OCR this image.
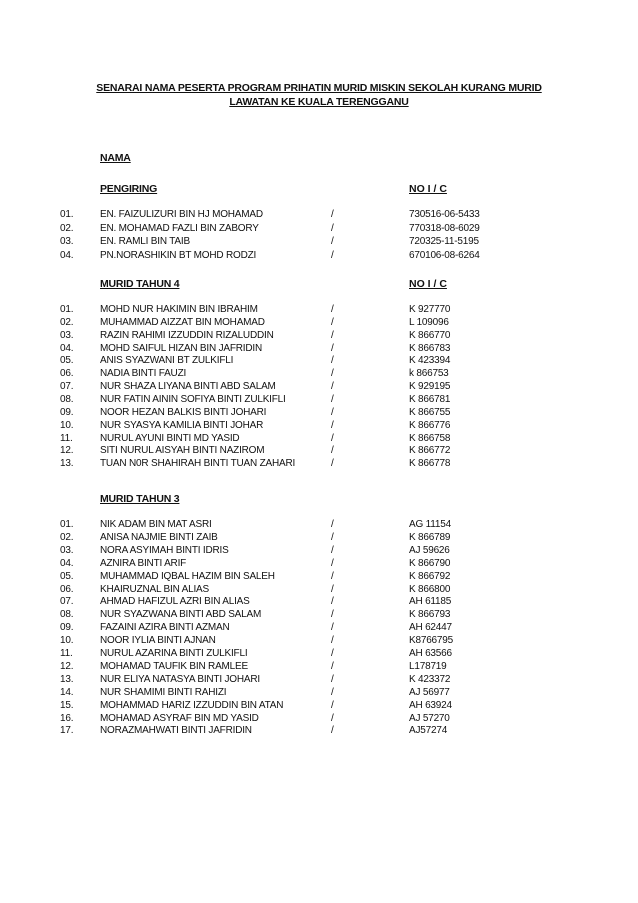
SENARAI NAMA PESERTA PROGRAM PRIHATIN MURID MISKIN SEKOLAH KURANG MURID
LAWATAN KE KUALA TERENGGANU
NAMA
PENGIRING	NO I / C
01.	EN. FAIZULIZURI BIN HJ MOHAMAD	/	730516-06-5433
02.	EN. MOHAMAD FAZLI BIN ZABORY	/	770318-08-6029
03.	EN. RAMLI BIN TAIB	/	720325-11-5195
04.	PN.NORASHIKIN BT MOHD RODZI	/	670106-08-6264
MURID TAHUN 4	NO I / C
01.	MOHD NUR HAKIMIN BIN IBRAHIM	/	K 927770
02.	MUHAMMAD AIZZAT BIN MOHAMAD	/	L 109096
03.	RAZIN RAHIMI IZZUDDIN RIZALUDDIN	/	K 866770
04.	MOHD SAIFUL HIZAN BIN JAFRIDIN	/	K 866783
05.	ANIS SYAZWANI BT ZULKIFLI	/	K 423394
06.	NADIA BINTI FAUZI	/	k 866753
07.	NUR SHAZA LIYANA BINTI ABD SALAM	/	K 929195
08.	NUR FATIN AININ SOFIYA BINTI ZULKIFLI	/	K 866781
09.	NOOR HEZAN BALKIS BINTI JOHARI	/	K 866755
10.	NUR SYASYA KAMILIA BINTI JOHAR	/	K 866776
11.	NURUL AYUNI BINTI MD YASID	/	K 866758
12.	SITI NURUL AISYAH BINTI NAZIROM	/	K 866772
13.	TUAN N0R SHAHIRAH BINTI TUAN ZAHARI	/	K 866778
MURID TAHUN 3
01.	NIK ADAM BIN MAT ASRI	/	AG 11154
02.	ANISA NAJMIE BINTI ZAIB	/	K 866789
03.	NORA ASYIMAH BINTI IDRIS	/	AJ 59626
04.	AZNIRA BINTI ARIF	/	K 866790
05.	MUHAMMAD IQBAL HAZIM BIN SALEH	/	K 866792
06.	KHAIRUZNAL BIN ALIAS	/	K 866800
07.	AHMAD HAFIZUL AZRI BIN ALIAS	/	AH 61185
08.	NUR SYAZWANA BINTI ABD SALAM	/	K 866793
09.	FAZAINI AZIRA BINTI AZMAN	/	AH 62447
10.	NOOR IYLIA BINTI AJNAN	/	K8766795
11.	NURUL AZARINA BINTI ZULKIFLI	/	AH 63566
12.	MOHAMAD TAUFIK BIN RAMLEE	/	L178719
13.	NUR ELIYA NATASYA BINTI JOHARI	/	K 423372
14.	NUR SHAMIMI BINTI RAHIZI	/	AJ 56977
15.	MOHAMMAD HARIZ IZZUDDIN BIN ATAN	/	AH 63924
16.	MOHAMAD ASYRAF BIN MD YASID	/	AJ 57270
17.	NORAZMAHWATI BINTI JAFRIDIN	/	AJ57274
